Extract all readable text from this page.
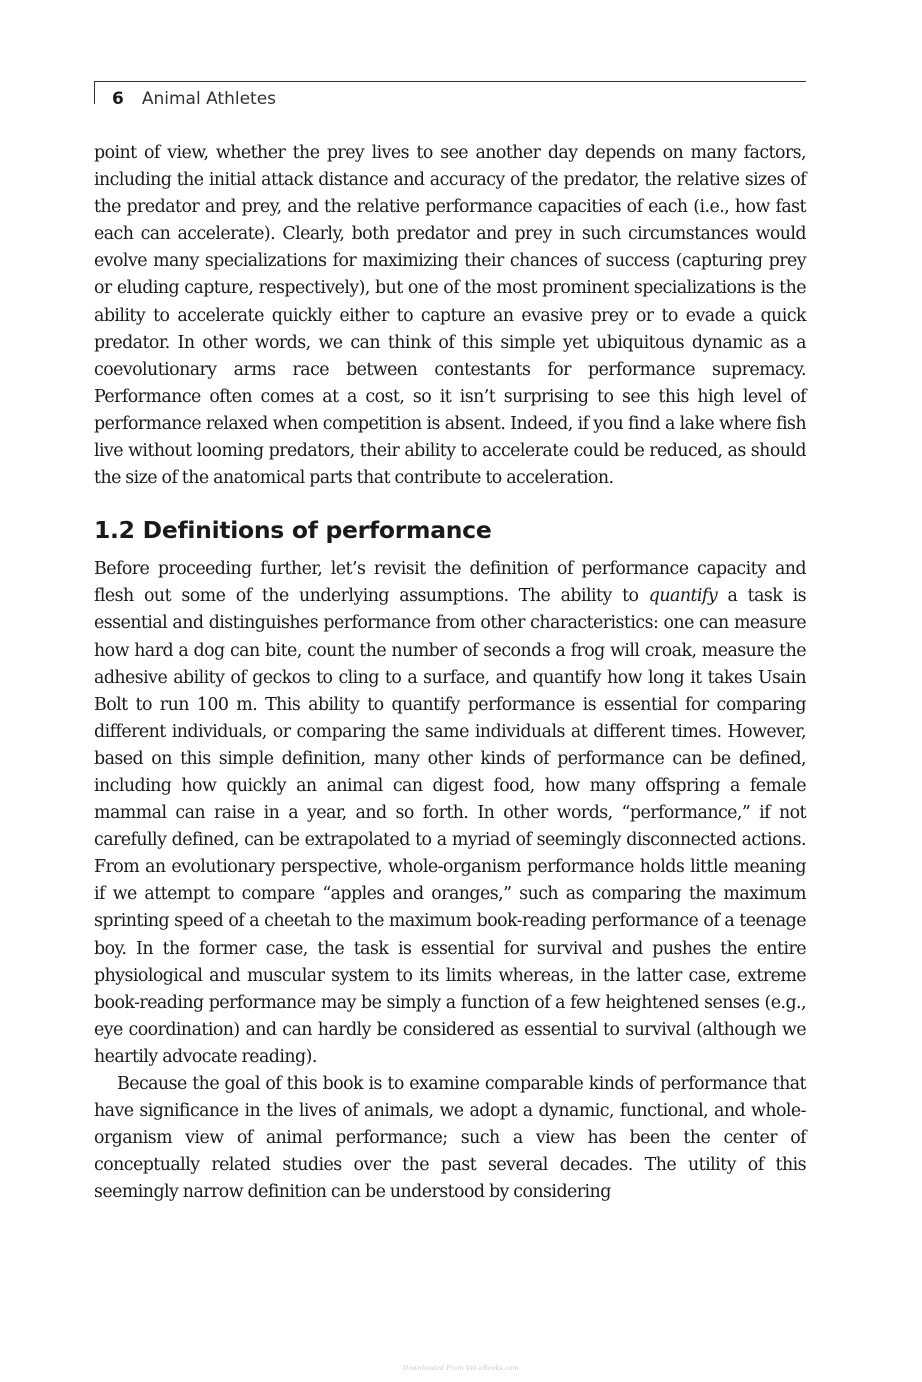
6 Animal Athletes

point of view, whether the prey lives to see another day depends on many factors, including the initial attack distance and accuracy of the predator, the relative sizes of the predator and prey, and the relative performance capacities of each (i.e., how fast each can accelerate). Clearly, both predator and prey in such circumstances would evolve many specializations for maximizing their chances of success (capturing prey or eluding capture, respectively), but one of the most prominent specializations is the ability to accelerate quickly either to capture an evasive prey or to evade a quick predator. In other words, we can think of this simple yet ubiquitous dynamic as a coevolutionary arms race between contestants for performance supremacy. Performance often comes at a cost, so it isn’t surprising to see this high level of performance relaxed when competition is absent. Indeed, if you find a lake where fish live without looming predators, their ability to accelerate could be reduced, as should the size of the anatomical parts that contribute to acceleration.

1.2 Definitions of performance

Before proceeding further, let’s revisit the definition of performance capacity and flesh out some of the underlying assumptions. The ability to quantify a task is essential and distinguishes performance from other characteristics: one can measure how hard a dog can bite, count the number of seconds a frog will croak, measure the adhesive ability of geckos to cling to a surface, and quantify how long it takes Usain Bolt to run 100 m. This ability to quantify performance is essential for comparing different individuals, or comparing the same individuals at different times. However, based on this simple definition, many other kinds of performance can be defined, including how quickly an animal can digest food, how many offspring a female mammal can raise in a year, and so forth. In other words, “performance,” if not carefully defined, can be extrapolated to a myriad of seemingly disconnected actions. From an evolutionary perspective, whole-organism performance holds little meaning if we attempt to compare “apples and oranges,” such as comparing the maximum sprinting speed of a cheetah to the maximum book-reading performance of a teenage boy. In the former case, the task is essential for survival and pushes the entire physiological and muscular system to its limits whereas, in the latter case, extreme book-reading performance may be simply a function of a few heightened senses (e.g., eye coordination) and can hardly be considered as essential to survival (although we heartily advocate reading).

Because the goal of this book is to examine comparable kinds of performance that have significance in the lives of animals, we adopt a dynamic, functional, and whole-organism view of animal performance; such a view has been the center of conceptually related studies over the past several decades. The utility of this seemingly narrow definition can be understood by considering

Downloaded From Vet-eBooks.com
